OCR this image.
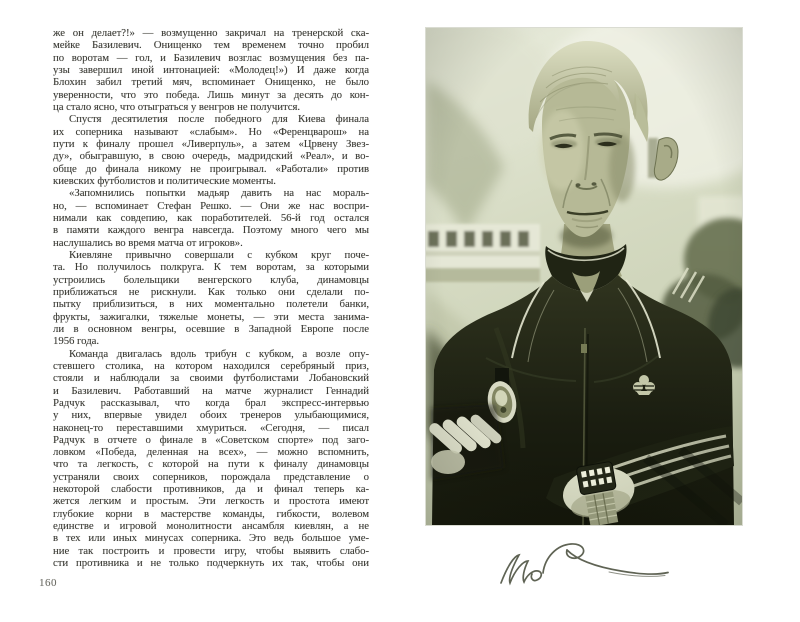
же он делает?!» — возмущенно закричал на тренерской ска-
мейке Базилевич. Онищенко тем временем точно пробил
по воротам — гол, и Базилевич возглас возмущения без па-
узы завершил иной интонацией: «Молодец!») И даже когда
Блохин забил третий мяч, вспоминает Онищенко, не было
уверенности, что это победа. Лишь минут за десять до кон-
ца стало ясно, что отыграться у венгров не получится.
Спустя десятилетия после победного для Киева финала
их соперника называют «слабым». Но «Ференцварош» на
пути к финалу прошел «Ливерпуль», а затем «Црвену Звез-
ду», обыгравшую, в свою очередь, мадридский «Реал», и во-
обще до финала никому не проигрывал. «Работали» против
киевских футболистов и политические моменты.
«Запомнились попытки мадьяр давить на нас мораль-
но, — вспоминает Стефан Решко. — Они же нас воспри-
нимали как совдепию, как поработителей. 56-й год остался
в памяти каждого венгра навсегда. Поэтому много чего мы
наслушались во время матча от игроков».
Киевляне привычно совершали с кубком круг поче-
та. Но получилось полкруга. К тем воротам, за которыми
устроились болельщики венгерского клуба, динамовцы
приближаться не рискнули. Как только они сделали по-
пытку приблизиться, в них моментально полетели банки,
фрукты, зажигалки, тяжелые монеты, — эти места занима-
ли в основном венгры, осевшие в Западной Европе после
1956 года.
Команда двигалась вдоль трибун с кубком, а возле опу-
стевшего столика, на котором находился серебряный приз,
стояли и наблюдали за своими футболистами Лобановский
и Базилевич. Работавший на матче журналист Геннадий
Радчук рассказывал, что когда брал экспресс-интервью
у них, впервые увидел обоих тренеров улыбающимися,
наконец-то переставшими хмуриться. «Сегодня, — писал
Радчук в отчете о финале в «Советском спорте» под заго-
ловком «Победа, деленная на всех», — можно вспомнить,
что та легкость, с которой на пути к финалу динамовцы
устраняли своих соперников, порождала представление о
некоторой слабости противников, да и финал теперь ка-
жется легким и простым. Эти легкость и простота имеют
глубокие корни в мастерстве команды, гибкости, волевом
единстве и игровой монолитности ансамбля киевлян, а не
в тех или иных минусах соперника. Это ведь большое уме-
ние так построить и провести игру, чтобы выявить слабо-
сти противника и не только подчеркнуть их так, чтобы они
160
